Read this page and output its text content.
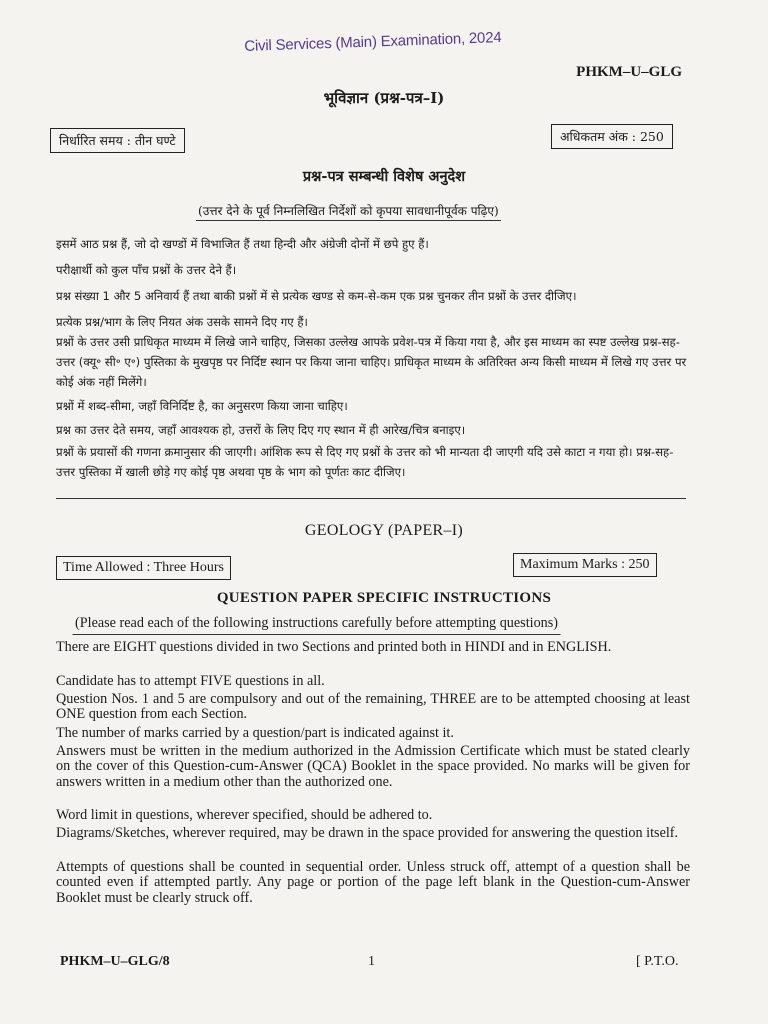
Civil Services (Main) Examination, 2024
PHKM–U–GLG
भूविज्ञान (प्रश्न-पत्र–I)
निर्धारित समय : तीन घण्टे	अधिकतम अंक : 250
प्रश्न-पत्र सम्बन्धी विशेष अनुदेश
( उत्तर देने के पूर्व निम्नलिखित निर्देशों को कृपया सावधानीपूर्वक पढ़िए )
इसमें आठ प्रश्न हैं, जो दो खण्डों में विभाजित हैं तथा हिन्दी और अंग्रेजी दोनों में छपे हुए हैं।
परीक्षार्थी को कुल पाँच प्रश्नों के उत्तर देने हैं।
प्रश्न संख्या 1 और 5 अनिवार्य हैं तथा बाकी प्रश्नों में से प्रत्येक खण्ड से कम-से-कम एक प्रश्न चुनकर तीन प्रश्नों के उत्तर दीजिए।
प्रत्येक प्रश्न/भाग के लिए नियत अंक उसके सामने दिए गए हैं।
प्रश्नों के उत्तर उसी प्राधिकृत माध्यम में लिखे जाने चाहिए, जिसका उल्लेख आपके प्रवेश-पत्र में किया गया है, और इस माध्यम का स्पष्ट उल्लेख प्रश्न-सह-उत्तर (क्यू॰ सी॰ ए॰) पुस्तिका के मुखपृष्ठ पर निर्दिष्ट स्थान पर किया जाना चाहिए। प्राधिकृत माध्यम के अतिरिक्त अन्य किसी माध्यम में लिखे गए उत्तर पर कोई अंक नहीं मिलेंगे।
प्रश्नों में शब्द-सीमा, जहाँ विनिर्दिष्ट है, का अनुसरण किया जाना चाहिए।
प्रश्न का उत्तर देते समय, जहाँ आवश्यक हो, उत्तरों के लिए दिए गए स्थान में ही आरेख/चित्र बनाइए।
प्रश्नों के प्रयासों की गणना क्रमानुसार की जाएगी। आंशिक रूप से दिए गए प्रश्नों के उत्तर को भी मान्यता दी जाएगी यदि उसे काटा न गया हो। प्रश्न-सह-उत्तर पुस्तिका में खाली छोड़े गए कोई पृष्ठ अथवा पृष्ठ के भाग को पूर्णतः काट दीजिए।
GEOLOGY (PAPER–I)
Time Allowed : Three Hours	Maximum Marks : 250
QUESTION PAPER SPECIFIC INSTRUCTIONS
( Please read each of the following instructions carefully before attempting questions )
There are EIGHT questions divided in two Sections and printed both in HINDI and in ENGLISH.
Candidate has to attempt FIVE questions in all.
Question Nos. 1 and 5 are compulsory and out of the remaining, THREE are to be attempted choosing at least ONE question from each Section.
The number of marks carried by a question/part is indicated against it.
Answers must be written in the medium authorized in the Admission Certificate which must be stated clearly on the cover of this Question-cum-Answer (QCA) Booklet in the space provided. No marks will be given for answers written in a medium other than the authorized one.
Word limit in questions, wherever specified, should be adhered to.
Diagrams/Sketches, wherever required, may be drawn in the space provided for answering the question itself.
Attempts of questions shall be counted in sequential order. Unless struck off, attempt of a question shall be counted even if attempted partly. Any page or portion of the page left blank in the Question-cum-Answer Booklet must be clearly struck off.
PHKM–U–GLG/8	1	[ P.T.O.
